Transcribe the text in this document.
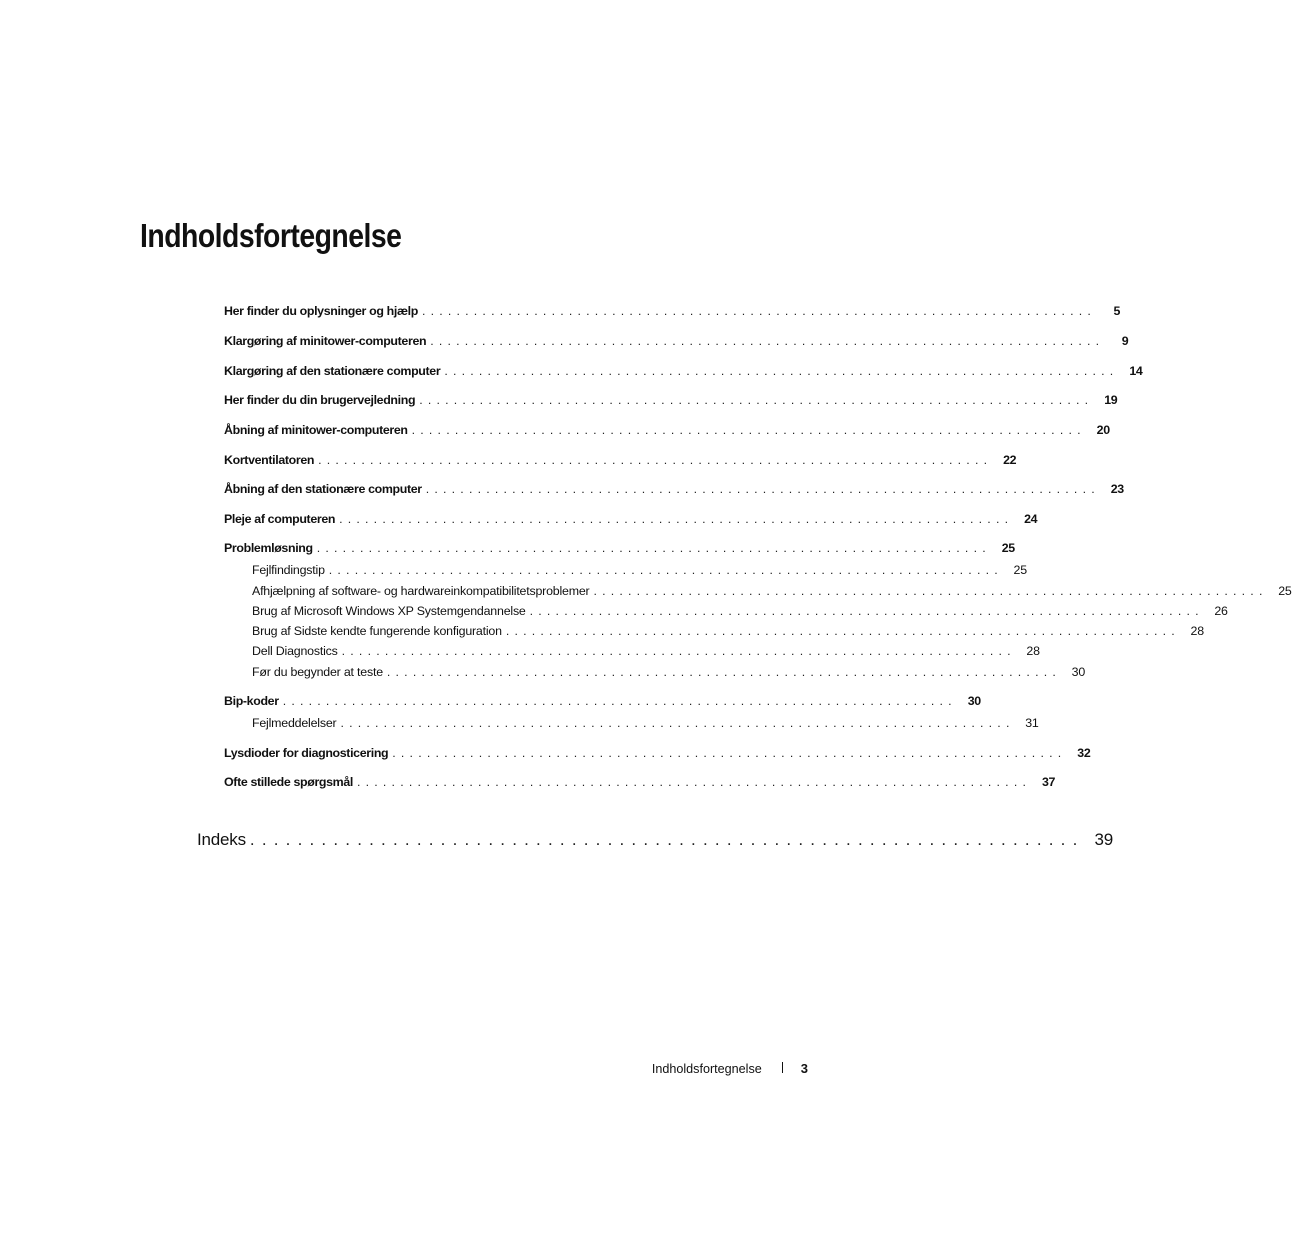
Indholdsfortegnelse
Her finder du oplysninger og hjælp ..............................................................................	5
Klargøring af minitower-computeren ..............................................................................	9
Klargøring af den stationære computer .............................................................................. 14
Her finder du din brugervejledning .............................................................................. 19
Åbning af minitower-computeren .............................................................................. 20
Kortventilatoren .............................................................................. 22
Åbning af den stationære computer .............................................................................. 23
Pleje af computeren .............................................................................. 24
Problemløsning .............................................................................. 25
Fejlfindingstip .............................................................................. 25
Afhjælpning af software- og hardwareinkompatibilitetsproblemer .............................................................................. 25
Brug af Microsoft Windows XP Systemgendannelse .............................................................................. 26
Brug af Sidste kendte fungerende konfiguration .............................................................................. 28
Dell Diagnostics .............................................................................. 28
Før du begynder at teste .............................................................................. 30
Bip-koder .............................................................................. 30
Fejlmeddelelser .............................................................................. 31
Lysdioder for diagnosticering .............................................................................. 32
Ofte stillede spørgsmål .............................................................................. 37
Indeks ...................................................................... 39
Indholdsfortegnelse	3
